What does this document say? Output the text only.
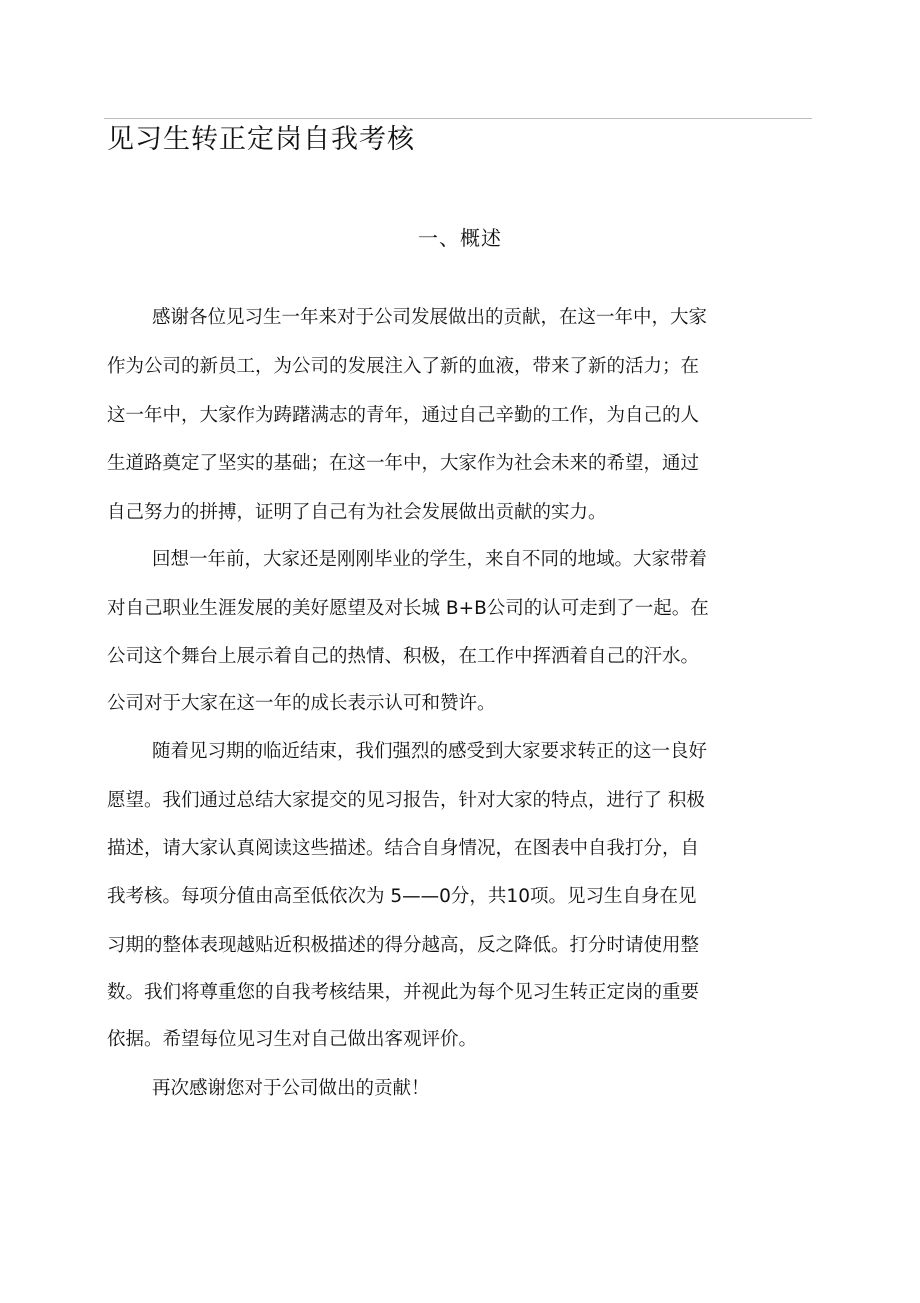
见习生转正定岗自我考核
一、概述

感谢各位见习生一年来对于公司发展做出的贡献，在这一年中，大家

作为公司的新员工，为公司的发展注入了新的血液，带来了新的活力；在

这一年中，大家作为踌躇满志的青年，通过自己辛勤的工作，为自己的人

生道路奠定了坚实的基础；在这一年中，大家作为社会未来的希望，通过

自己努力的拼搏，证明了自己有为社会发展做出贡献的实力。

回想一年前，大家还是刚刚毕业的学生，来自不同的地域。大家带着

对自己职业生涯发展的美好愿望及对长城 B+B公司的认可走到了一起。在

公司这个舞台上展示着自己的热情、积极，在工作中挥洒着自己的汗水。

公司对于大家在这一年的成长表示认可和赞许。

随着见习期的临近结束，我们强烈的感受到大家要求转正的这一良好

愿望。我们通过总结大家提交的见习报告，针对大家的特点，进行了 积极

描述，请大家认真阅读这些描述。结合自身情况，在图表中自我打分，自

我考核。每项分值由高至低依次为 5——0分，共10项。见习生自身在见

习期的整体表现越贴近积极描述的得分越高，反之降低。打分时请使用整

数。我们将尊重您的自我考核结果，并视此为每个见习生转正定岗的重要

依据。希望每位见习生对自己做出客观评价。

再次感谢您对于公司做出的贡献！
